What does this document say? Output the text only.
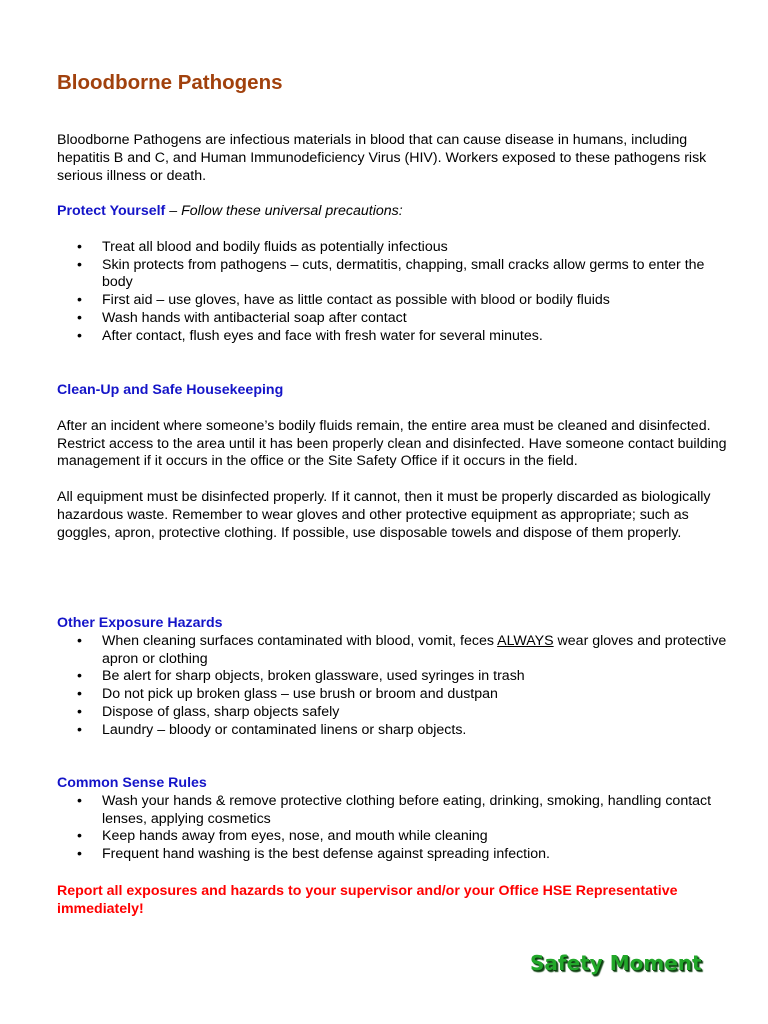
Bloodborne Pathogens

Bloodborne Pathogens are infectious materials in blood that can cause disease in humans, including hepatitis B and C, and Human Immunodeficiency Virus (HIV). Workers exposed to these pathogens risk serious illness or death.

Protect Yourself – Follow these universal precautions:

• Treat all blood and bodily fluids as potentially infectious
• Skin protects from pathogens – cuts, dermatitis, chapping, small cracks allow germs to enter the body
• First aid – use gloves, have as little contact as possible with blood or bodily fluids
• Wash hands with antibacterial soap after contact
• After contact, flush eyes and face with fresh water for several minutes.

Clean-Up and Safe Housekeeping

After an incident where someone’s bodily fluids remain, the entire area must be cleaned and disinfected. Restrict access to the area until it has been properly clean and disinfected. Have someone contact building management if it occurs in the office or the Site Safety Office if it occurs in the field.

All equipment must be disinfected properly. If it cannot, then it must be properly discarded as biologically hazardous waste. Remember to wear gloves and other protective equipment as appropriate; such as goggles, apron, protective clothing. If possible, use disposable towels and dispose of them properly.

Other Exposure Hazards

• When cleaning surfaces contaminated with blood, vomit, feces ALWAYS wear gloves and protective apron or clothing
• Be alert for sharp objects, broken glassware, used syringes in trash
• Do not pick up broken glass – use brush or broom and dustpan
• Dispose of glass, sharp objects safely
• Laundry – bloody or contaminated linens or sharp objects.

Common Sense Rules

• Wash your hands & remove protective clothing before eating, drinking, smoking, handling contact lenses, applying cosmetics
• Keep hands away from eyes, nose, and mouth while cleaning
• Frequent hand washing is the best defense against spreading infection.

Report all exposures and hazards to your supervisor and/or your Office HSE Representative immediately!

Safety Moment
